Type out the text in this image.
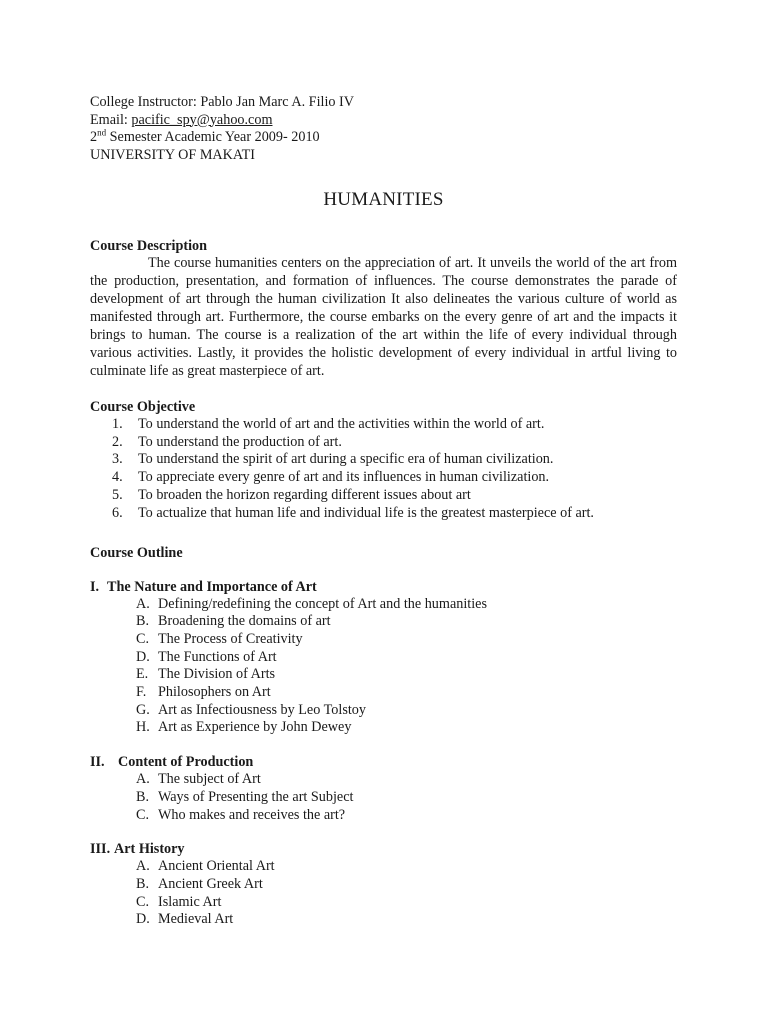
College Instructor: Pablo Jan Marc A. Filio IV
Email: pacific_spy@yahoo.com
2nd Semester Academic Year 2009- 2010
UNIVERSITY OF MAKATI
HUMANITIES
Course Description

The course humanities centers on the appreciation of art. It unveils the world of the art from the production, presentation, and formation of influences. The course demonstrates the parade of development of art through the human civilization It also delineates the various culture of world as manifested through art. Furthermore, the course embarks on the every genre of art and the impacts it brings to human. The course is a realization of the art within the life of every individual through various activities. Lastly, it provides the holistic development of every individual in artful living to culminate life as great masterpiece of art.

Course Objective
1.	To understand the world of art and the activities within the world of art.
2.	To understand the production of art.
3.	To understand the spirit of art during a specific era of human civilization.
4.	To appreciate every genre of art and its influences in human civilization.
5.	To broaden the horizon regarding different issues about art
6.	To actualize that human life and individual life is the greatest masterpiece of art.
Course Outline
I. The Nature and Importance of Art
A. Defining/redefining the concept of Art and the humanities
B. Broadening the domains of art
C. The Process of Creativity
D. The Functions of Art
E. The Division of Arts
F. Philosophers on Art
G. Art as Infectiousness by Leo Tolstoy
H. Art as Experience by John Dewey
II. Content of Production
A. The subject of Art
B. Ways of Presenting the art Subject
C. Who makes and receives the art?
III. Art History
A. Ancient Oriental Art
B. Ancient Greek Art
C. Islamic Art
D. Medieval Art
